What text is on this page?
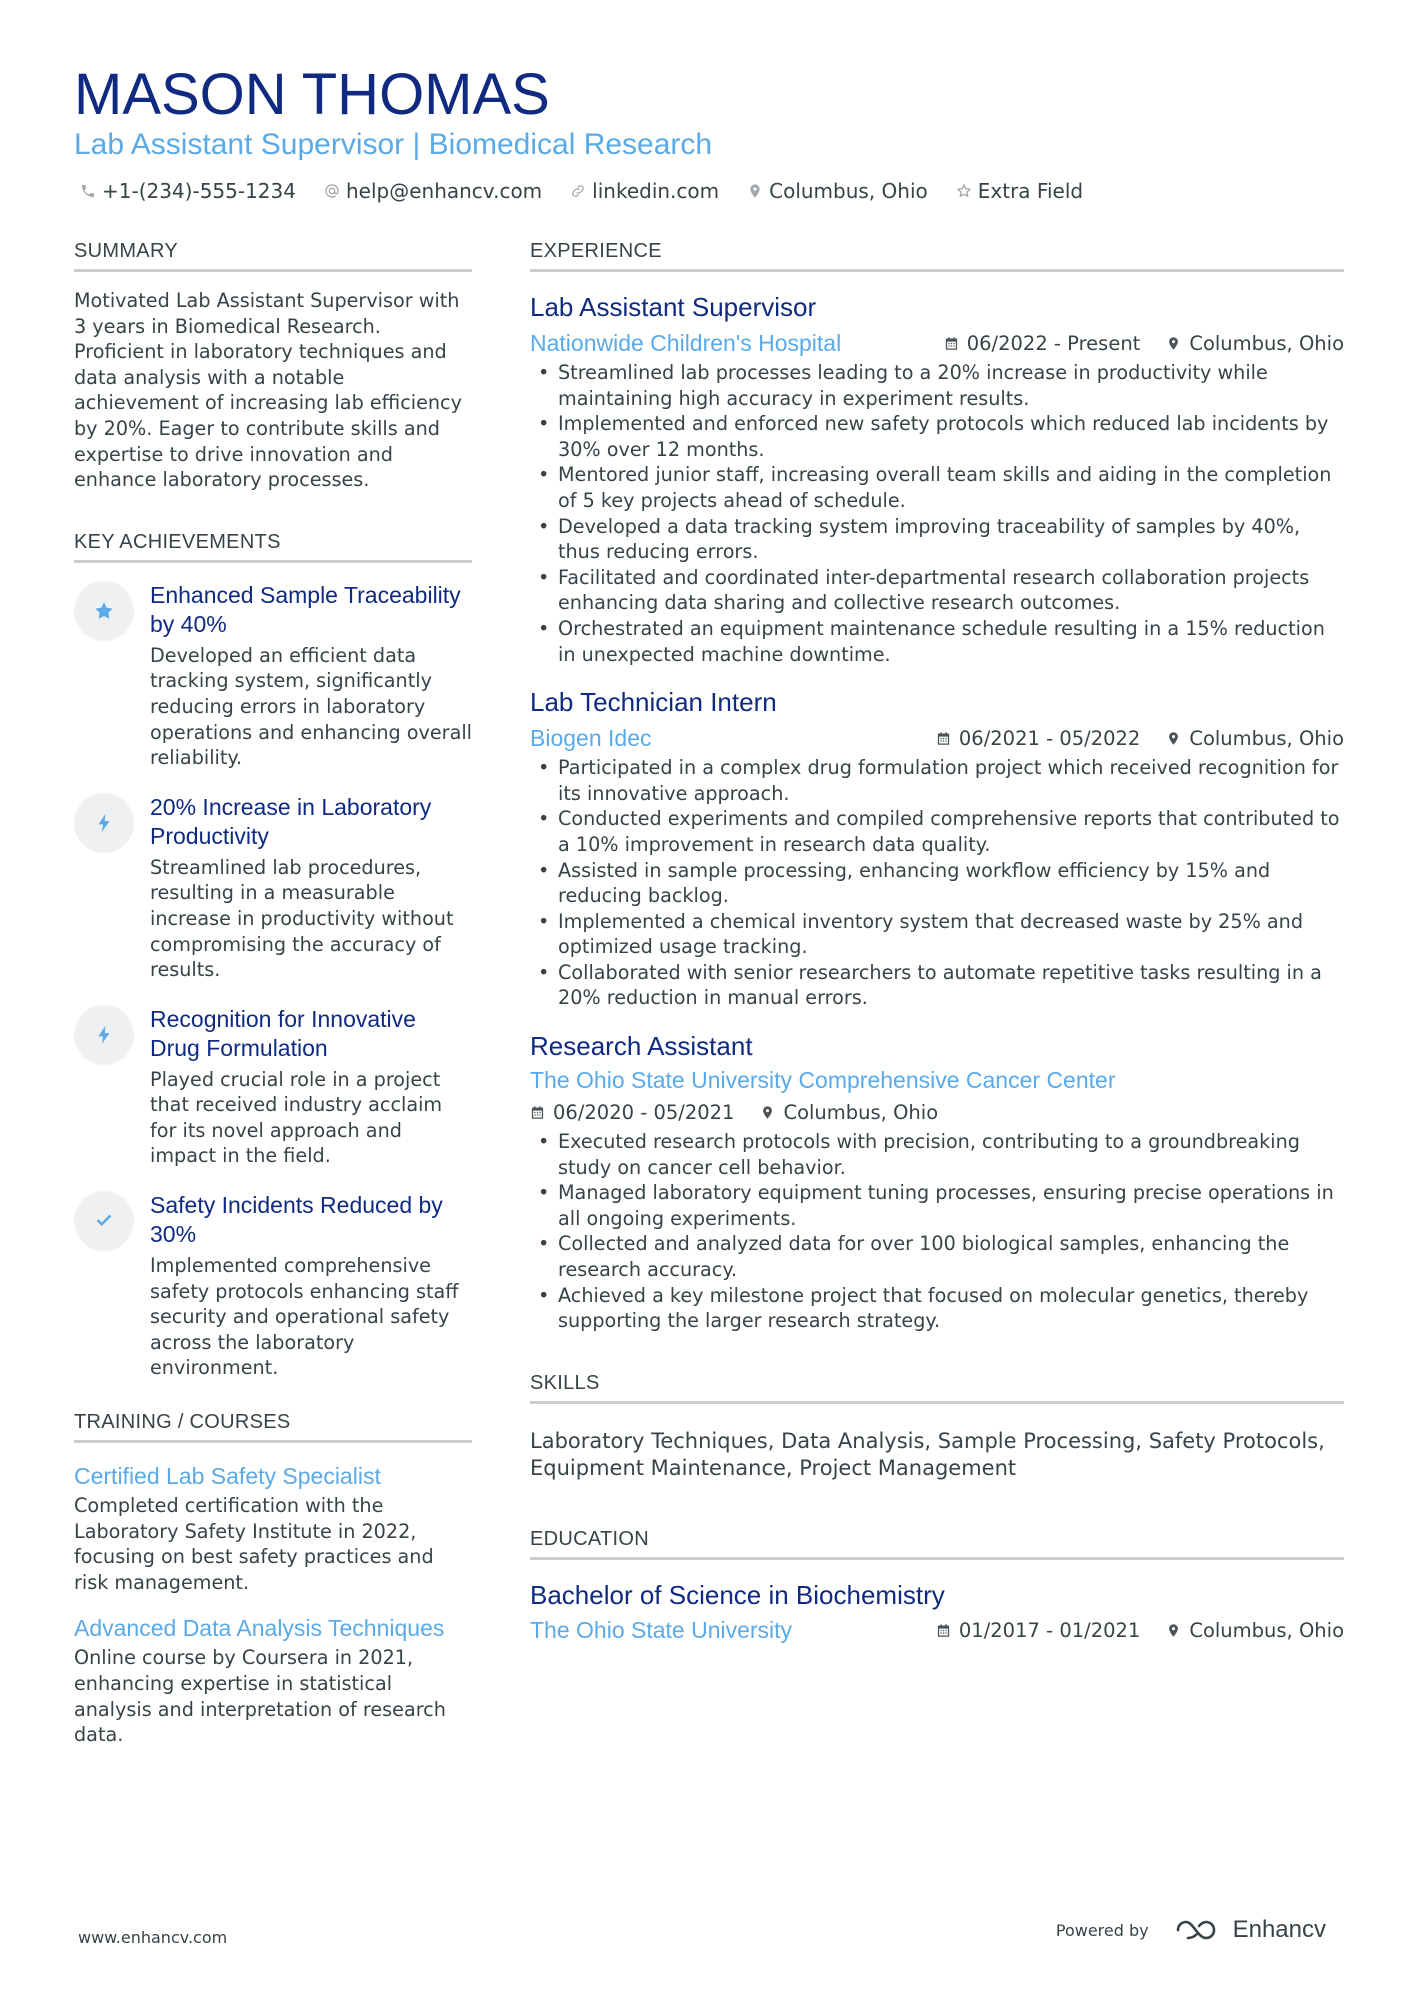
MASON THOMAS
Lab Assistant Supervisor | Biomedical Research
+1-(234)-555-1234	help@enhancv.com	linkedin.com	Columbus, Ohio	Extra Field
SUMMARY
Motivated Lab Assistant Supervisor with 3 years in Biomedical Research. Proficient in laboratory techniques and data analysis with a notable achievement of increasing lab efficiency by 20%. Eager to contribute skills and expertise to drive innovation and enhance laboratory processes.
KEY ACHIEVEMENTS
Enhanced Sample Traceability by 40%
Developed an efficient data tracking system, significantly reducing errors in laboratory operations and enhancing overall reliability.
20% Increase in Laboratory Productivity
Streamlined lab procedures, resulting in a measurable increase in productivity without compromising the accuracy of results.
Recognition for Innovative Drug Formulation
Played crucial role in a project that received industry acclaim for its novel approach and impact in the field.
Safety Incidents Reduced by 30%
Implemented comprehensive safety protocols enhancing staff security and operational safety across the laboratory environment.
TRAINING / COURSES
Certified Lab Safety Specialist
Completed certification with the Laboratory Safety Institute in 2022, focusing on best safety practices and risk management.
Advanced Data Analysis Techniques
Online course by Coursera in 2021, enhancing expertise in statistical analysis and interpretation of research data.
EXPERIENCE
Lab Assistant Supervisor
Nationwide Children's Hospital	06/2022 - Present	Columbus, Ohio
• Streamlined lab processes leading to a 20% increase in productivity while maintaining high accuracy in experiment results.
• Implemented and enforced new safety protocols which reduced lab incidents by 30% over 12 months.
• Mentored junior staff, increasing overall team skills and aiding in the completion of 5 key projects ahead of schedule.
• Developed a data tracking system improving traceability of samples by 40%, thus reducing errors.
• Facilitated and coordinated inter-departmental research collaboration projects enhancing data sharing and collective research outcomes.
• Orchestrated an equipment maintenance schedule resulting in a 15% reduction in unexpected machine downtime.
Lab Technician Intern
Biogen Idec	06/2021 - 05/2022	Columbus, Ohio
• Participated in a complex drug formulation project which received recognition for its innovative approach.
• Conducted experiments and compiled comprehensive reports that contributed to a 10% improvement in research data quality.
• Assisted in sample processing, enhancing workflow efficiency by 15% and reducing backlog.
• Implemented a chemical inventory system that decreased waste by 25% and optimized usage tracking.
• Collaborated with senior researchers to automate repetitive tasks resulting in a 20% reduction in manual errors.
Research Assistant
The Ohio State University Comprehensive Cancer Center
06/2020 - 05/2021	Columbus, Ohio
• Executed research protocols with precision, contributing to a groundbreaking study on cancer cell behavior.
• Managed laboratory equipment tuning processes, ensuring precise operations in all ongoing experiments.
• Collected and analyzed data for over 100 biological samples, enhancing the research accuracy.
• Achieved a key milestone project that focused on molecular genetics, thereby supporting the larger research strategy.
SKILLS
Laboratory Techniques, Data Analysis, Sample Processing, Safety Protocols, Equipment Maintenance, Project Management
EDUCATION
Bachelor of Science in Biochemistry
The Ohio State University	01/2017 - 01/2021	Columbus, Ohio
www.enhancv.com	Powered by	Enhancv
